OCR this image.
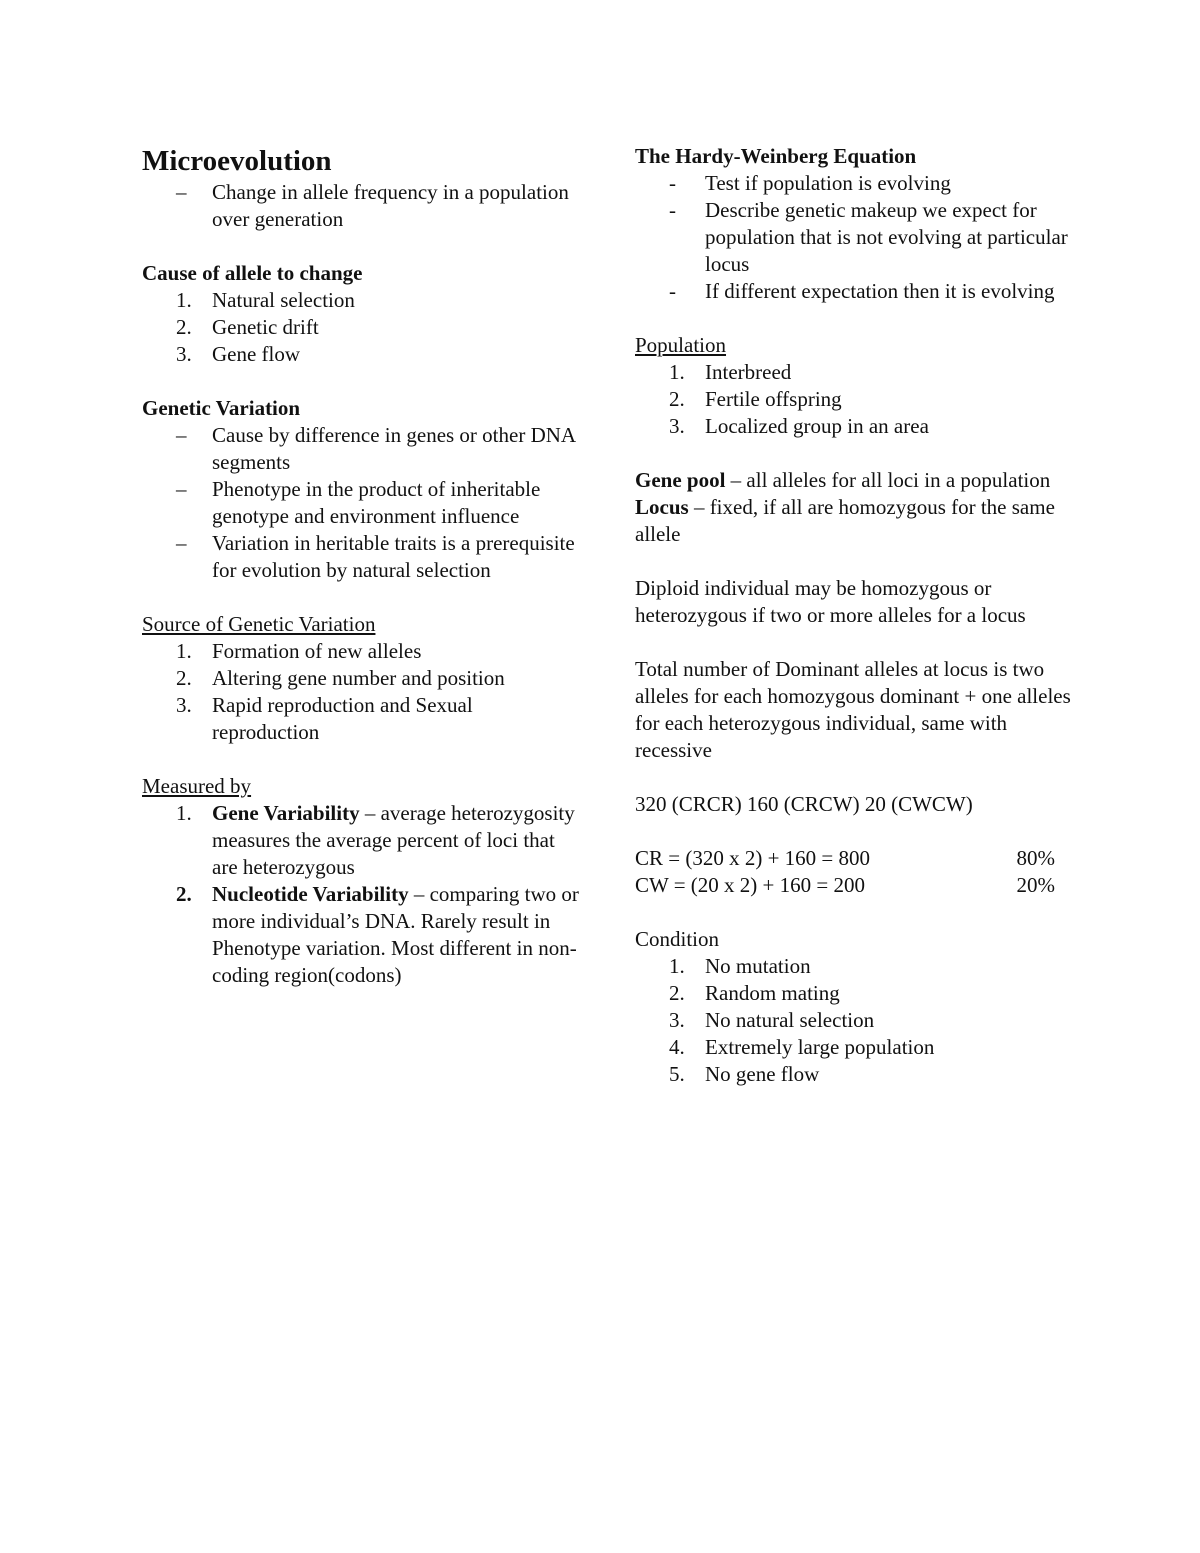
Microevolution
–	Change in allele frequency in a population over generation
Cause of allele to change
1. Natural selection
2. Genetic drift
3. Gene flow
Genetic Variation
–	Cause by difference in genes or other DNA segments
–	Phenotype in the product of inheritable genotype and environment influence
–	Variation in heritable traits is a prerequisite for evolution by natural selection
Source of Genetic Variation
1. Formation of new alleles
2. Altering gene number and position
3. Rapid reproduction and Sexual reproduction
Measured by
1. Gene Variability – average heterozygosity measures the average percent of loci that are heterozygous
2. Nucleotide Variability – comparing two or more individual’s DNA. Rarely result in Phenotype variation. Most different in non-coding region(codons)
The Hardy-Weinberg Equation
-	Test if population is evolving
-	Describe genetic makeup we expect for population that is not evolving at particular locus
-	If different expectation then it is evolving
Population
1. Interbreed
2. Fertile offspring
3. Localized group in an area

Gene pool – all alleles for all loci in a population

Locus – fixed, if all are homozygous for the same allele

Diploid individual may be homozygous or heterozygous if two or more alleles for a locus

Total number of Dominant alleles at locus is two alleles for each homozygous dominant + one alleles for each heterozygous individual, same with recessive

320 (CRCR) 160 (CRCW) 20 (CWCW)

CR = (320 x 2) + 160 = 800	80%
CW = (20 x 2) + 160 = 200	20%
Condition
1. No mutation
2. Random mating
3. No natural selection
4. Extremely large population
5. No gene flow
